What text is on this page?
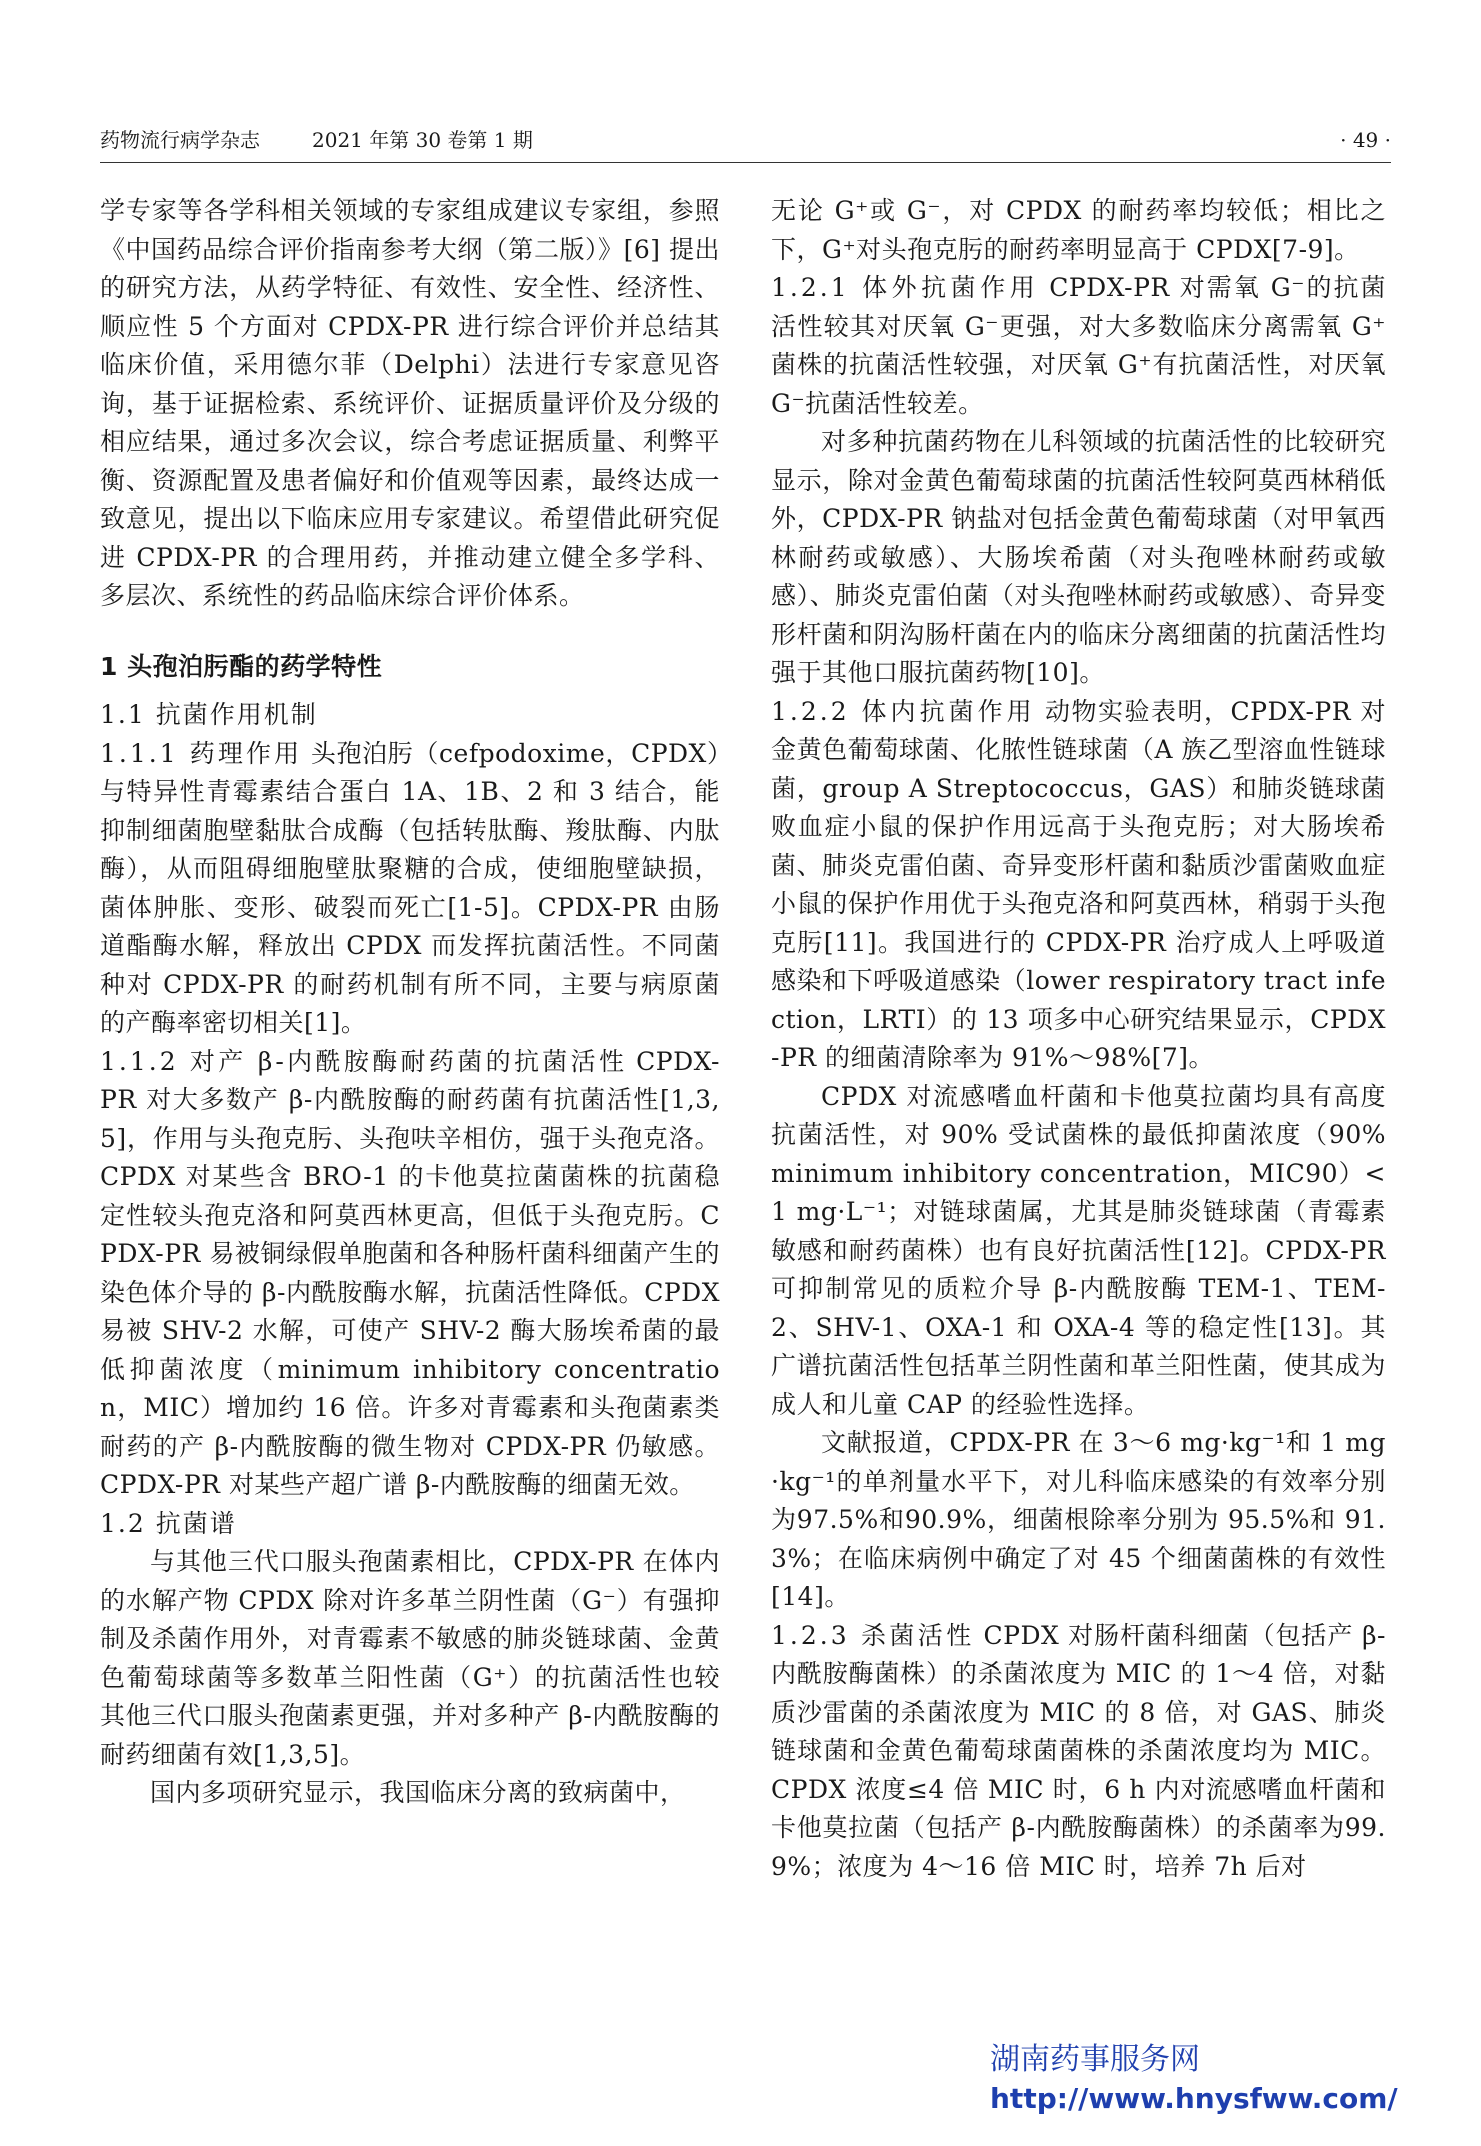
药物流行病学杂志	2021 年第 30 卷第 1 期	· 49 ·

学专家等各学科相关领域的专家组成建议专家组，参照《中国药品综合评价指南参考大纲（第二版）》[6] 提出的研究方法，从药学特征、有效性、安全性、经济性、顺应性 5 个方面对 CPDX-PR 进行综合评价并总结其临床价值，采用德尔菲（Delphi）法进行专家意见咨询，基于证据检索、系统评价、证据质量评价及分级的相应结果，通过多次会议，综合考虑证据质量、利弊平衡、资源配置及患者偏好和价值观等因素，最终达成一致意见，提出以下临床应用专家建议。希望借此研究促进 CPDX-PR 的合理用药，并推动建立健全多学科、多层次、系统性的药品临床综合评价体系。

1 头孢泊肟酯的药学特性
1.1 抗菌作用机制

1.1.1 药理作用 头孢泊肟（cefpodoxime，CPDX）与特异性青霉素结合蛋白 1A、1B、2 和 3 结合，能抑制细菌胞壁黏肽合成酶（包括转肽酶、羧肽酶、内肽酶），从而阻碍细胞壁肽聚糖的合成，使细胞壁缺损，菌体肿胀、变形、破裂而死亡[1-5]。CPDX-PR 由肠道酯酶水解，释放出 CPDX 而发挥抗菌活性。不同菌种对 CPDX-PR 的耐药机制有所不同，主要与病原菌的产酶率密切相关[1]。

1.1.2 对产 β-内酰胺酶耐药菌的抗菌活性 CPDX-PR 对大多数产 β-内酰胺酶的耐药菌有抗菌活性[1,3,5]，作用与头孢克肟、头孢呋辛相仿，强于头孢克洛。CPDX 对某些含 BRO-1 的卡他莫拉菌菌株的抗菌稳定性较头孢克洛和阿莫西林更高，但低于头孢克肟。CPDX-PR 易被铜绿假单胞菌和各种肠杆菌科细菌产生的染色体介导的 β-内酰胺酶水解，抗菌活性降低。CPDX 易被 SHV-2 水解，可使产 SHV-2 酶大肠埃希菌的最低抑菌浓度（minimum inhibitory concentration，MIC）增加约 16 倍。许多对青霉素和头孢菌素类耐药的产 β-内酰胺酶的微生物对 CPDX-PR 仍敏感。CPDX-PR 对某些产超广谱 β-内酰胺酶的细菌无效。

1.2 抗菌谱

与其他三代口服头孢菌素相比，CPDX-PR 在体内的水解产物 CPDX 除对许多革兰阴性菌（G⁻）有强抑制及杀菌作用外，对青霉素不敏感的肺炎链球菌、金黄色葡萄球菌等多数革兰阳性菌（G⁺）的抗菌活性也较其他三代口服头孢菌素更强，并对多种产 β-内酰胺酶的耐药细菌有效[1,3,5]。

国内多项研究显示，我国临床分离的致病菌中，

无论 G⁺或 G⁻，对 CPDX 的耐药率均较低；相比之下，G⁺对头孢克肟的耐药率明显高于 CPDX[7-9]。

1.2.1 体外抗菌作用 CPDX-PR 对需氧 G⁻的抗菌活性较其对厌氧 G⁻更强，对大多数临床分离需氧 G⁺菌株的抗菌活性较强，对厌氧 G⁺有抗菌活性，对厌氧 G⁻抗菌活性较差。

对多种抗菌药物在儿科领域的抗菌活性的比较研究显示，除对金黄色葡萄球菌的抗菌活性较阿莫西林稍低外，CPDX-PR 钠盐对包括金黄色葡萄球菌（对甲氧西林耐药或敏感）、大肠埃希菌（对头孢唑林耐药或敏感）、肺炎克雷伯菌（对头孢唑林耐药或敏感）、奇异变形杆菌和阴沟肠杆菌在内的临床分离细菌的抗菌活性均强于其他口服抗菌药物[10]。

1.2.2 体内抗菌作用 动物实验表明，CPDX-PR 对金黄色葡萄球菌、化脓性链球菌（A 族乙型溶血性链球菌，group A Streptococcus，GAS）和肺炎链球菌败血症小鼠的保护作用远高于头孢克肟；对大肠埃希菌、肺炎克雷伯菌、奇异变形杆菌和黏质沙雷菌败血症小鼠的保护作用优于头孢克洛和阿莫西林，稍弱于头孢克肟[11]。我国进行的 CPDX-PR 治疗成人上呼吸道感染和下呼吸道感染（lower respiratory tract infection，LRTI）的 13 项多中心研究结果显示，CPDX-PR 的细菌清除率为 91%～98%[7]。

CPDX 对流感嗜血杆菌和卡他莫拉菌均具有高度抗菌活性，对 90% 受试菌株的最低抑菌浓度（90% minimum inhibitory concentration，MIC90）<1 mg·L⁻¹；对链球菌属，尤其是肺炎链球菌（青霉素敏感和耐药菌株）也有良好抗菌活性[12]。CPDX-PR 可抑制常见的质粒介导 β-内酰胺酶 TEM-1、TEM-2、SHV-1、OXA-1 和 OXA-4 等的稳定性[13]。其广谱抗菌活性包括革兰阴性菌和革兰阳性菌，使其成为成人和儿童 CAP 的经验性选择。

文献报道，CPDX-PR 在 3～6 mg·kg⁻¹和 1 mg·kg⁻¹的单剂量水平下，对儿科临床感染的有效率分别为97.5%和90.9%，细菌根除率分别为 95.5%和 91.3%；在临床病例中确定了对 45 个细菌菌株的有效性[14]。

1.2.3 杀菌活性 CPDX 对肠杆菌科细菌（包括产 β-内酰胺酶菌株）的杀菌浓度为 MIC 的 1～4 倍，对黏质沙雷菌的杀菌浓度为 MIC 的 8 倍，对 GAS、肺炎链球菌和金黄色葡萄球菌菌株的杀菌浓度均为 MIC。CPDX 浓度≤4 倍 MIC 时，6 h 内对流感嗜血杆菌和卡他莫拉菌（包括产 β-内酰胺酶菌株）的杀菌率为99.9%；浓度为 4～16 倍 MIC 时，培养 7h 后对

湖南药事服务网
http://www.hnysfww.com/
